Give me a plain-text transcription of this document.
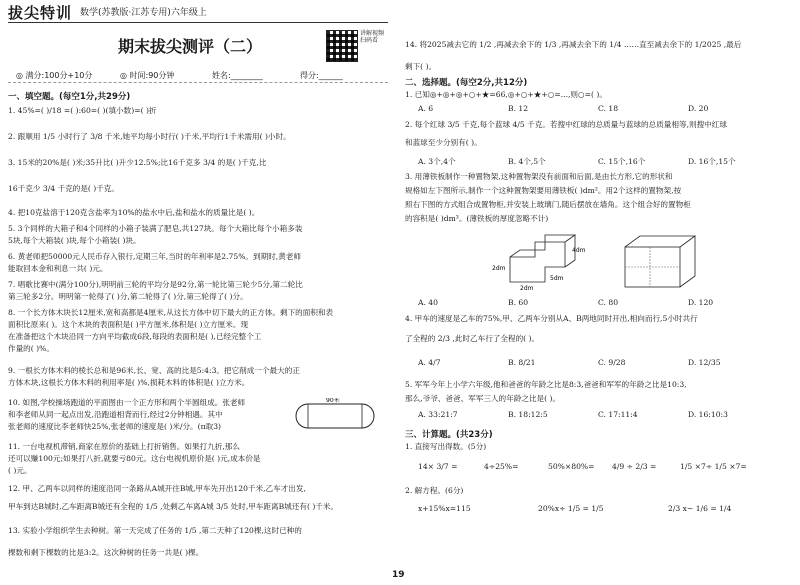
拔尖特训 数学(苏教版·江苏专用)六年级上
期末拔尖测评（二）
讲解视频 扫码看
◎ 满分:100分+10分	◎ 时间:90分钟	姓名:________	得分:______
一、填空题。(每空1分,共29分)
1. 45%=( )/18 =( ):60=( )(填小数)=( )折
2. 跟顺用 1/5 小时行了 3/8 千米,她平均每小时行( )千米,平均行1千米需用( )小时。
3. 15米的20%是( )米;35升比( )升少12.5%;比16千克多 3/4 的是( )千克,比
16千克少 3/4 千克的是( )千克。
4. 把10克盐溶于120克含盐率为10%的盐水中后,盐和盐水的质量比是( )。
5. 3个同样的大箱子和4个同样的小箱子装满了肥皂,共127块。每个大箱比每个小箱多装
5块,每个大箱装( )块,每个小箱装( )块。
6. 黄老师把50000元人民币存入银行,定期三年,当时的年利率是2.75%。到期时,黄老师
能取回本金和利息一共( )元。
7. 唱歌比赛中(满分100分),明明前三轮的平均分是92分,第一轮比第三轮少5分,第二轮比
第三轮多2分。明明第一轮得了( )分,第二轮得了( )分,第三轮得了( )分。
8. 一个长方体木块长12厘米,宽和高都是4厘米,从这长方体中切下最大的正方体。剩下的面积和表
面积比原来( )。这个木块的表面积是( )平方厘米,体积是( )立方厘米。现
在准备把这个木块沿同一方向平均截成6段,每段的表面积是( ),已经完整个工
作量的( )%。
9. 一根长方体木料的棱长总和是96米,长、宽、高的比是5:4:3。把它削成一个最大的正
方体木块,这根长方体木料的利用率是( )%,损耗木料的体积是( )立方米。
10. 如图,学校操场跑道的平面图由一个正方形和两个半圆组成。张老师
和李老师从同一起点出发,沿跑道相背而行,经过2分钟相遇。其中
张老师的速度比李老师快25%,张老师的速度是( )米/分。(π取3)
90米
11. 一台电视机滞销,商家在原价的基础上打折销售。如果打九折,那么
还可以赚100元;如果打八折,就要亏80元。这台电视机原价是( )元,成本价是
( )元。
12. 甲、乙两车以同样的速度沿同一条路从A城开往B城,甲车先开出120千米,乙车才出发,
甲车到达B城时,乙车距离B城还有全程的 1/5 ,处剩乙车离A城 3/5 处时,甲车距离B城还有( )千米。
13. 实验小学组织学生去种树。第一天完成了任务的 1/5 ,第二天种了120棵,这时已种的
棵数和剩下棵数的比是3:2。这次种树的任务一共是( )棵。
14. 将2025减去它的 1/2 ,再减去余下的 1/3 ,再减去余下的 1/4 ……直至减去余下的 1/2025 ,最后
剩下( )。
二、选择题。(每空2分,共12分)
1. 已知◎+◎+◎+○+★=66,◎+○+★+○=...,则○=( )。
A. 6	B. 12	C. 18	D. 20
2. 每个红球 3/5 千克,每个蓝球 4/5 千克。若搜中红球的总质量与蓝球的总质量相等,则搜中红球
和蓝球至少分别有( )。
A. 3个,4个	B. 4个,5个	C. 15个,16个	D. 16个,15个
3. 用薄铁板制作一种置物架,这种置物架没有前面和后面,是由长方形,它的形状和
规格如左下图所示,制作一个这种置物架要用薄铁板( )dm²。用2个这样的置物架,按
照右下图的方式组合成置物柜,并安装上玻璃门,随后摆放在墙角。这个组合好的置物柜
的容积是( )dm³。(薄铁板的厚度忽略不计)
2dm
4dm
2dm
5dm
A. 40	B. 60	C. 80	D. 120
4. 甲车的速度是乙车的75%,甲、乙两车分别从A、B两地同时开出,相向而行,5小时共行
了全程的 2/3 ,此时乙车行了全程的( )。
A. 4/7	B. 8/21	C. 9/28	D. 12/35
5. 军军今年上小学六年级,他和爸爸的年龄之比是8:3,爸爸和军军的年龄之比是10:3,
那么,爷爷、爸爸、军军三人的年龄之比是( )。
A. 33:21:7	B. 18:12:5	C. 17:11:4	D. 16:10:3
三、计算题。(共23分)
1. 直接写出得数。(5分)
14× 3/7 =	4÷25%=	50%×80%= 4/9 ÷ 2/3 =	1/5 ×7÷ 1/5 ×7=
2. 解方程。(6分)
x+15%x=115	20%x÷ 1/5 = 1/5	2/3 x− 1/6 = 1/4
19
